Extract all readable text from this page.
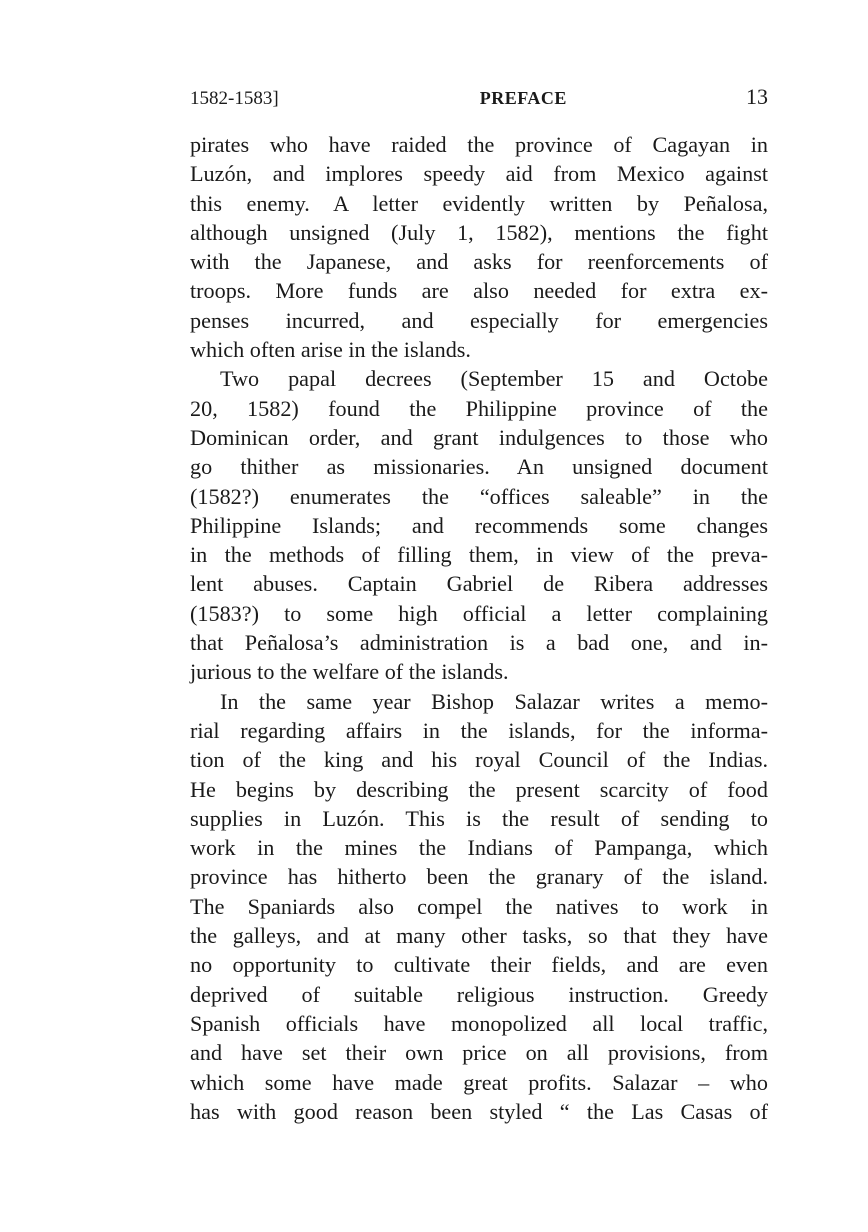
1582-1583]	PREFACE	13
pirates who have raided the province of Cagayan in
Luzón, and implores speedy aid from Mexico against
this enemy. A letter evidently written by Peñalosa,
although unsigned (July 1, 1582), mentions the fight
with the Japanese, and asks for reenforcements of
troops. More funds are also needed for extra ex-
penses incurred, and especially for emergencies
which often arise in the islands.
Two papal decrees (September 15 and Octobe
20, 1582) found the Philippine province of the
Dominican order, and grant indulgences to those who
go thither as missionaries. An unsigned document
(1582?) enumerates the “offices saleable” in the
Philippine Islands; and recommends some changes
in the methods of filling them, in view of the preva-
lent abuses. Captain Gabriel de Ribera addresses
(1583?) to some high official a letter complaining
that Peñalosa’s administration is a bad one, and in-
jurious to the welfare of the islands.
In the same year Bishop Salazar writes a memo-
rial regarding affairs in the islands, for the informa-
tion of the king and his royal Council of the Indias.
He begins by describing the present scarcity of food
supplies in Luzón. This is the result of sending to
work in the mines the Indians of Pampanga, which
province has hitherto been the granary of the island.
The Spaniards also compel the natives to work in
the galleys, and at many other tasks, so that they have
no opportunity to cultivate their fields, and are even
deprived of suitable religious instruction. Greedy
Spanish officials have monopolized all local traffic,
and have set their own price on all provisions, from
which some have made great profits. Salazar – who
has with good reason been styled “ the Las Casas of
